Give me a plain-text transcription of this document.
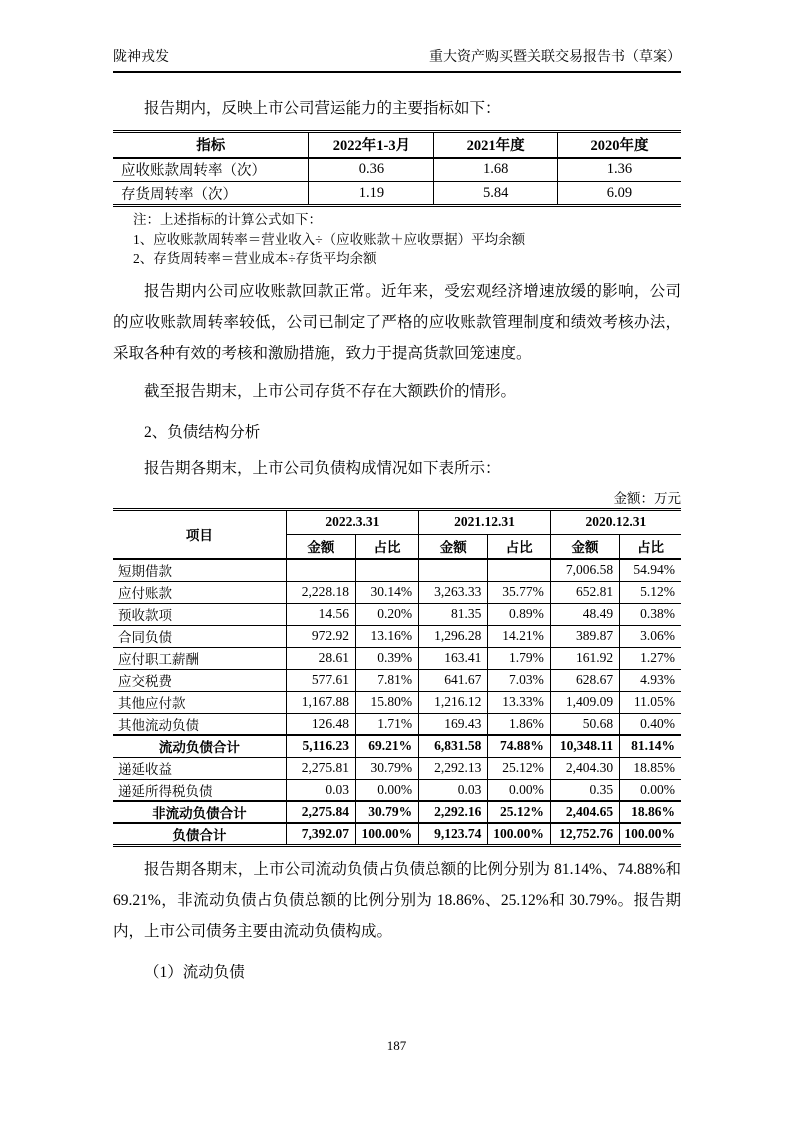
陇神戎发	重大资产购买暨关联交易报告书（草案）

报告期内，反映上市公司营运能力的主要指标如下：

指标	2022年1-3月	2021年度	2020年度
应收账款周转率（次）	0.36	1.68	1.36
存货周转率（次）	1.19	5.84	6.09

注：上述指标的计算公式如下：

1、应收账款周转率＝营业收入÷（应收账款＋应收票据）平均余额

2、存货周转率＝营业成本÷存货平均余额

报告期内公司应收账款回款正常。近年来，受宏观经济增速放缓的影响，公司的应收账款周转率较低，公司已制定了严格的应收账款管理制度和绩效考核办法，采取各种有效的考核和激励措施，致力于提高货款回笼速度。

截至报告期末，上市公司存货不存在大额跌价的情形。

2、负债结构分析

报告期各期末，上市公司负债构成情况如下表所示：

金额：万元
项目	2022.3.31		2021.12.31		2020.12.31	
	金额	占比	金额	占比	金额	占比
短期借款					7,006.58	54.94%
应付账款	2,228.18	30.14%	3,263.33	35.77%	652.81	5.12%
预收款项	14.56	0.20%	81.35	0.89%	48.49	0.38%
合同负债	972.92	13.16%	1,296.28	14.21%	389.87	3.06%
应付职工薪酬	28.61	0.39%	163.41	1.79%	161.92	1.27%
应交税费	577.61	7.81%	641.67	7.03%	628.67	4.93%
其他应付款	1,167.88	15.80%	1,216.12	13.33%	1,409.09	11.05%
其他流动负债	126.48	1.71%	169.43	1.86%	50.68	0.40%
流动负债合计	5,116.23	69.21%	6,831.58	74.88%	10,348.11	81.14%
递延收益	2,275.81	30.79%	2,292.13	25.12%	2,404.30	18.85%
递延所得税负债	0.03	0.00%	0.03	0.00%	0.35	0.00%
非流动负债合计	2,275.84	30.79%	2,292.16	25.12%	2,404.65	18.86%
负债合计	7,392.07	100.00%	9,123.74	100.00%	12,752.76	100.00%

报告期各期末，上市公司流动负债占负债总额的比例分别为 81.14%、74.88%和 69.21%，非流动负债占负债总额的比例分别为 18.86%、25.12%和 30.79%。报告期内，上市公司债务主要由流动负债构成。

（1）流动负债
187
